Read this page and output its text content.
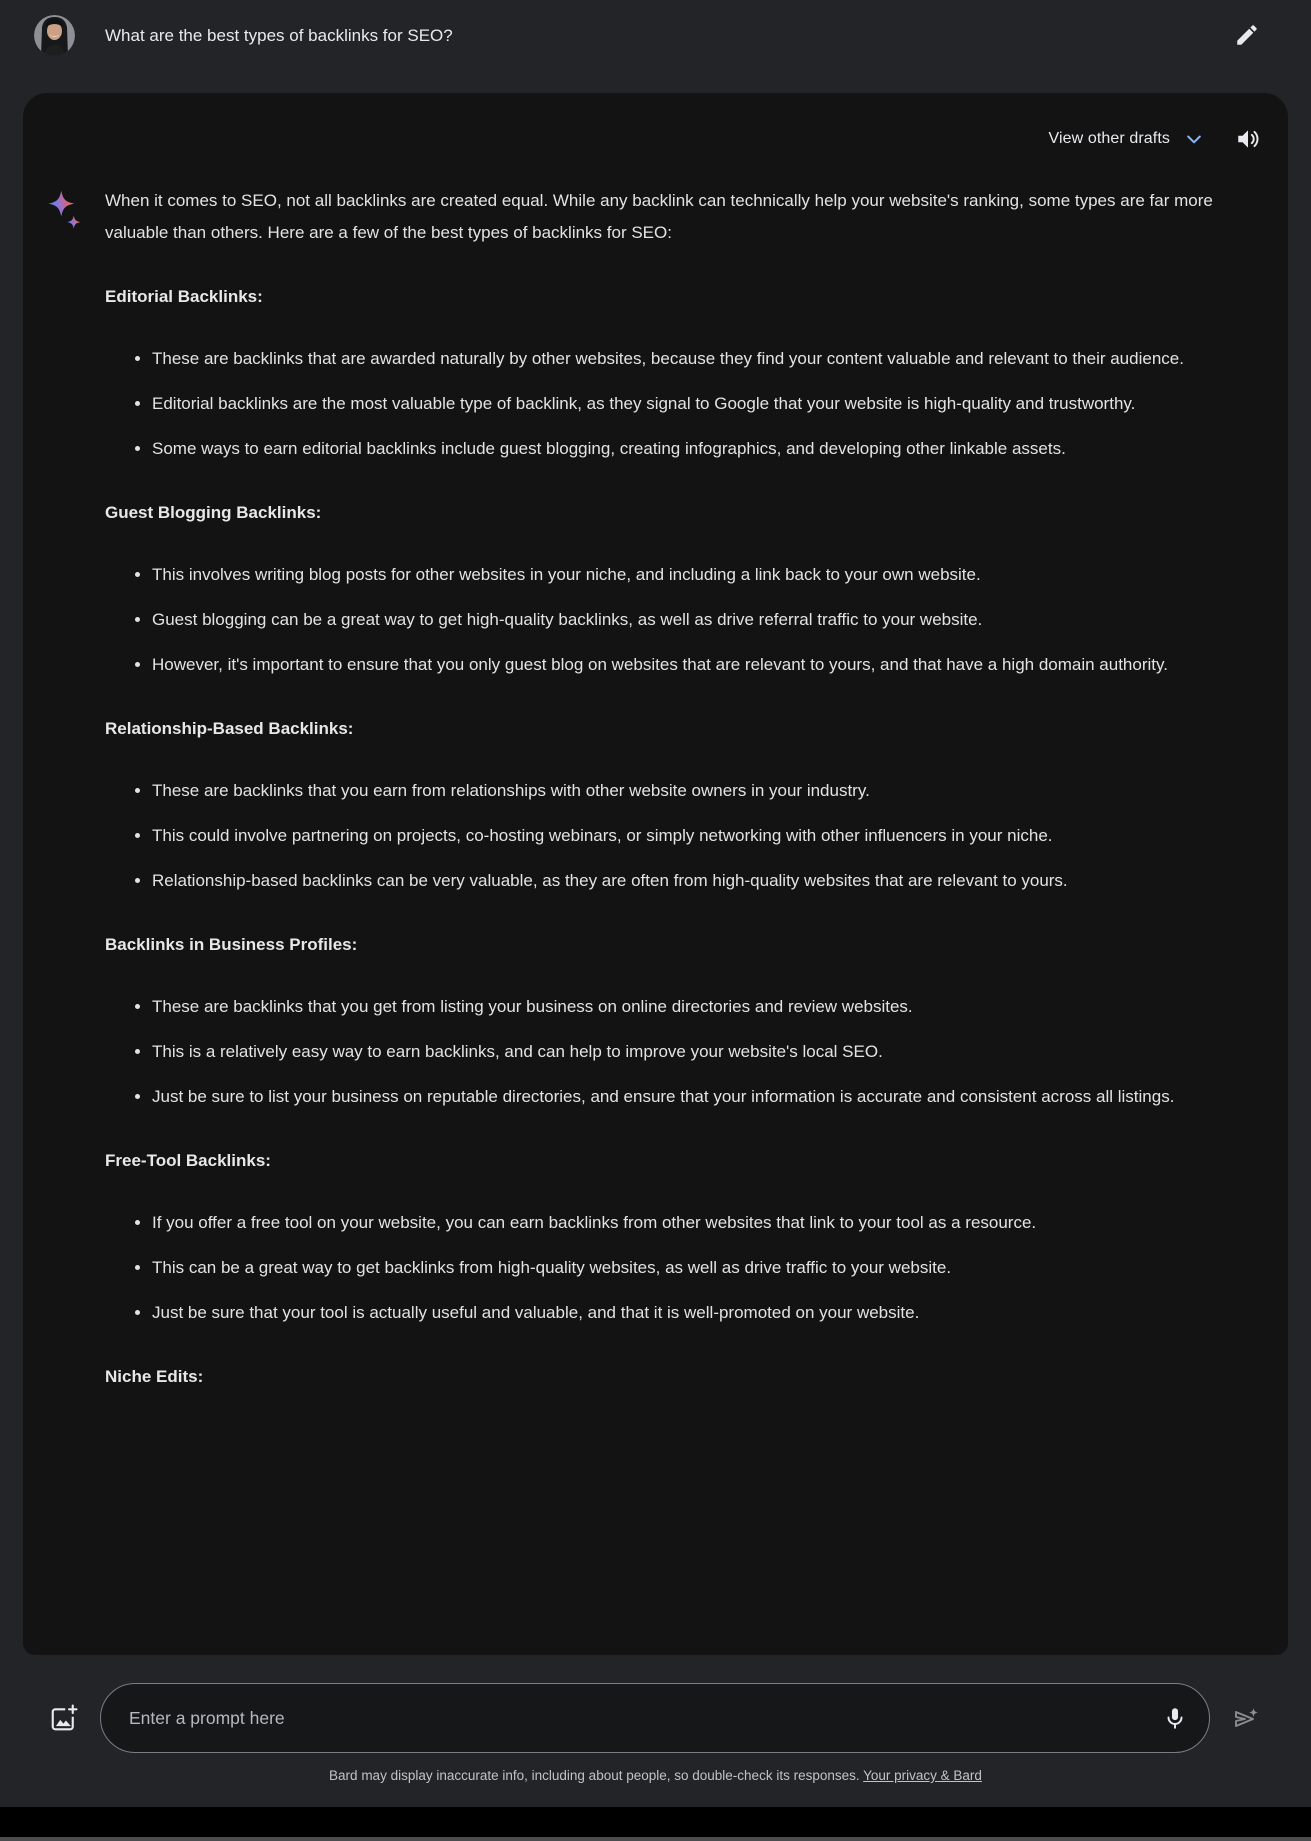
What are the best types of backlinks for SEO?
View other drafts

When it comes to SEO, not all backlinks are created equal. While any backlink can technically help your website's ranking, some types are far more valuable than others. Here are a few of the best types of backlinks for SEO:

Editorial Backlinks:
• These are backlinks that are awarded naturally by other websites, because they find your content valuable and relevant to their audience.
• Editorial backlinks are the most valuable type of backlink, as they signal to Google that your website is high-quality and trustworthy.
• Some ways to earn editorial backlinks include guest blogging, creating infographics, and developing other linkable assets.
Guest Blogging Backlinks:
• This involves writing blog posts for other websites in your niche, and including a link back to your own website.
• Guest blogging can be a great way to get high-quality backlinks, as well as drive referral traffic to your website.
• However, it's important to ensure that you only guest blog on websites that are relevant to yours, and that have a high domain authority.
Relationship-Based Backlinks:
• These are backlinks that you earn from relationships with other website owners in your industry.
• This could involve partnering on projects, co-hosting webinars, or simply networking with other influencers in your niche.
• Relationship-based backlinks can be very valuable, as they are often from high-quality websites that are relevant to yours.
Backlinks in Business Profiles:
• These are backlinks that you get from listing your business on online directories and review websites.
• This is a relatively easy way to earn backlinks, and can help to improve your website's local SEO.
• Just be sure to list your business on reputable directories, and ensure that your information is accurate and consistent across all listings.
Free-Tool Backlinks:
• If you offer a free tool on your website, you can earn backlinks from other websites that link to your tool as a resource.
• This can be a great way to get backlinks from high-quality websites, as well as drive traffic to your website.
• Just be sure that your tool is actually useful and valuable, and that it is well-promoted on your website.
Niche Edits:
Enter a prompt here
Bard may display inaccurate info, including about people, so double-check its responses. Your privacy & Bard
